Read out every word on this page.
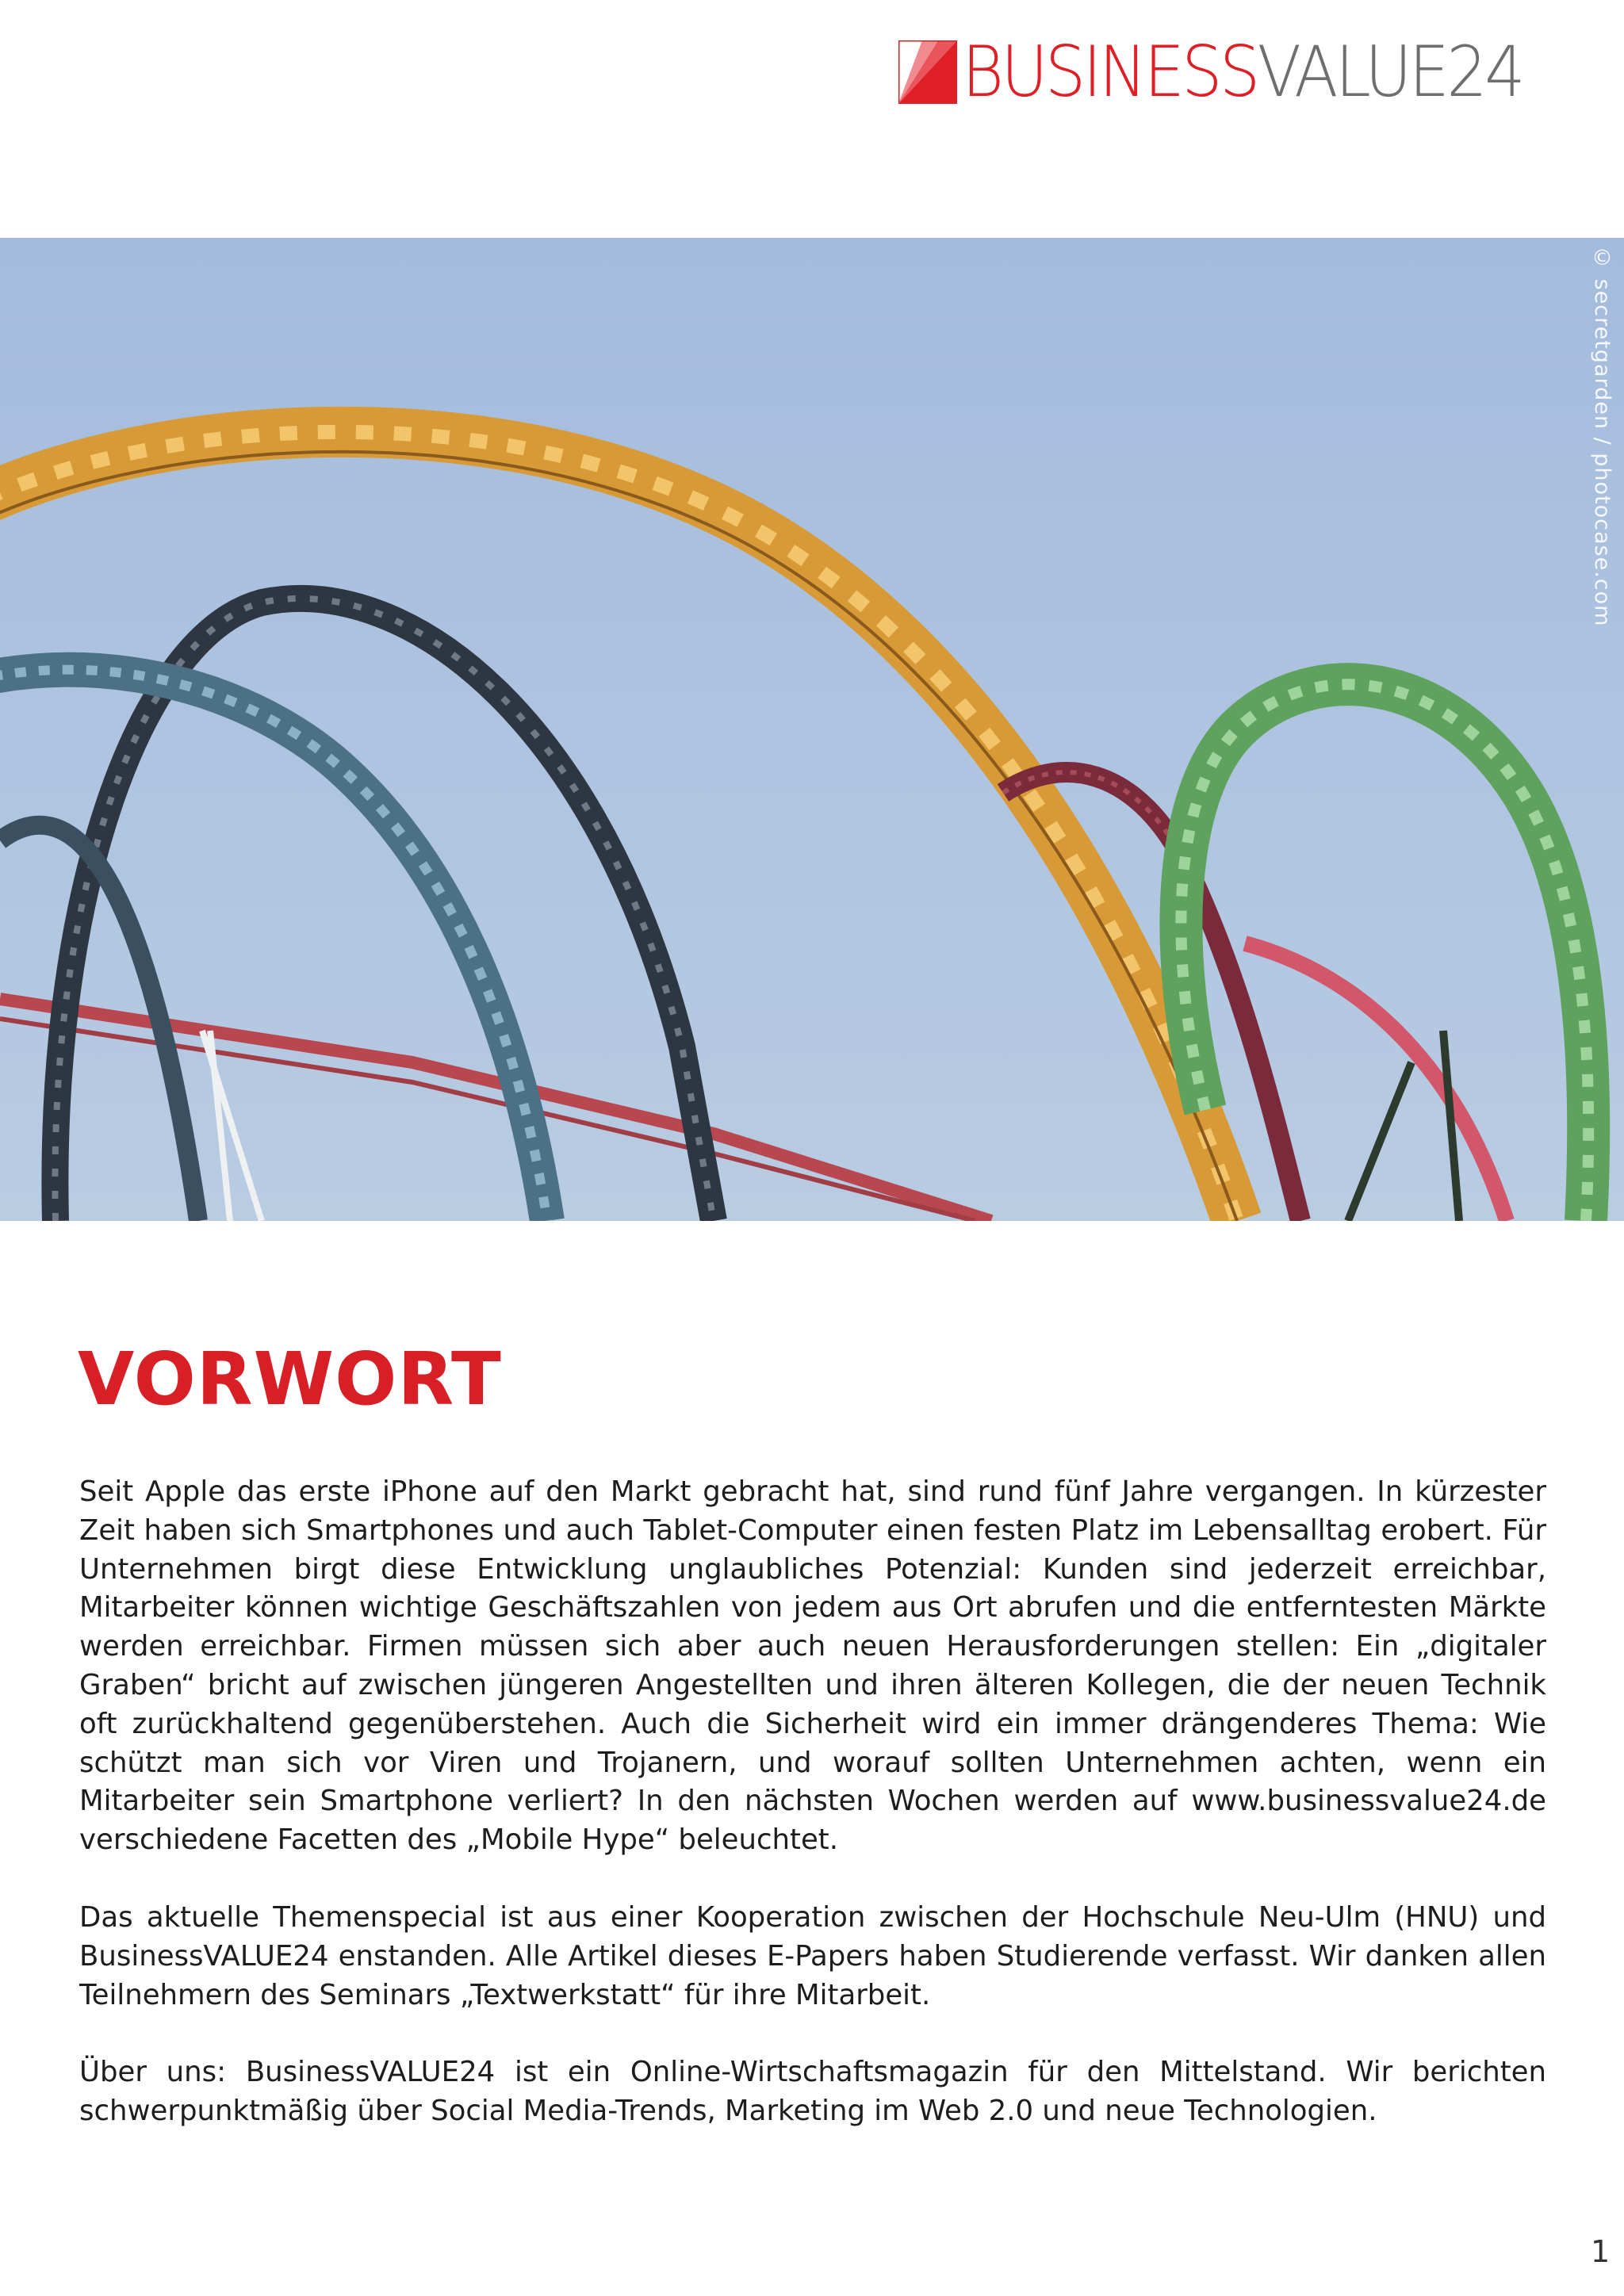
BUSINESSVALUE24
© secretgarden / photocase.com
VORWORT

Seit Apple das erste iPhone auf den Markt gebracht hat, sind rund fünf Jahre vergangen. In kürzester Zeit haben sich Smartphones und auch Tablet-Computer einen festen Platz im Lebensalltag erobert. Für Unternehmen birgt diese Entwicklung unglaubliches Potenzial: Kunden sind jederzeit erreichbar, Mitarbeiter können wichtige Geschäftszahlen von jedem aus Ort abrufen und die entferntesten Märkte werden erreichbar. Firmen müssen sich aber auch neuen Herausforderungen stellen: Ein „digitaler Graben“ bricht auf zwischen jüngeren Angestellten und ihren älteren Kollegen, die der neuen Technik oft zurückhaltend gegenüberstehen. Auch die Sicherheit wird ein immer drängenderes Thema: Wie schützt man sich vor Viren und Trojanern, und worauf sollten Unternehmen achten, wenn ein Mitarbeiter sein Smartphone verliert? In den nächsten Wochen werden auf www.businessvalue24.de verschiedene Facetten des „Mobile Hype“ beleuchtet.

Das aktuelle Themenspecial ist aus einer Kooperation zwischen der Hochschule Neu-Ulm (HNU) und BusinessVALUE24 enstanden. Alle Artikel dieses E-Papers haben Studierende verfasst. Wir danken allen Teilnehmern des Seminars „Textwerkstatt“ für ihre Mitarbeit.

Über uns: BusinessVALUE24 ist ein Online-Wirtschaftsmagazin für den Mittelstand. Wir berichten schwerpunktmäßig über Social Media-Trends, Marketing im Web 2.0 und neue Technologien.

1
